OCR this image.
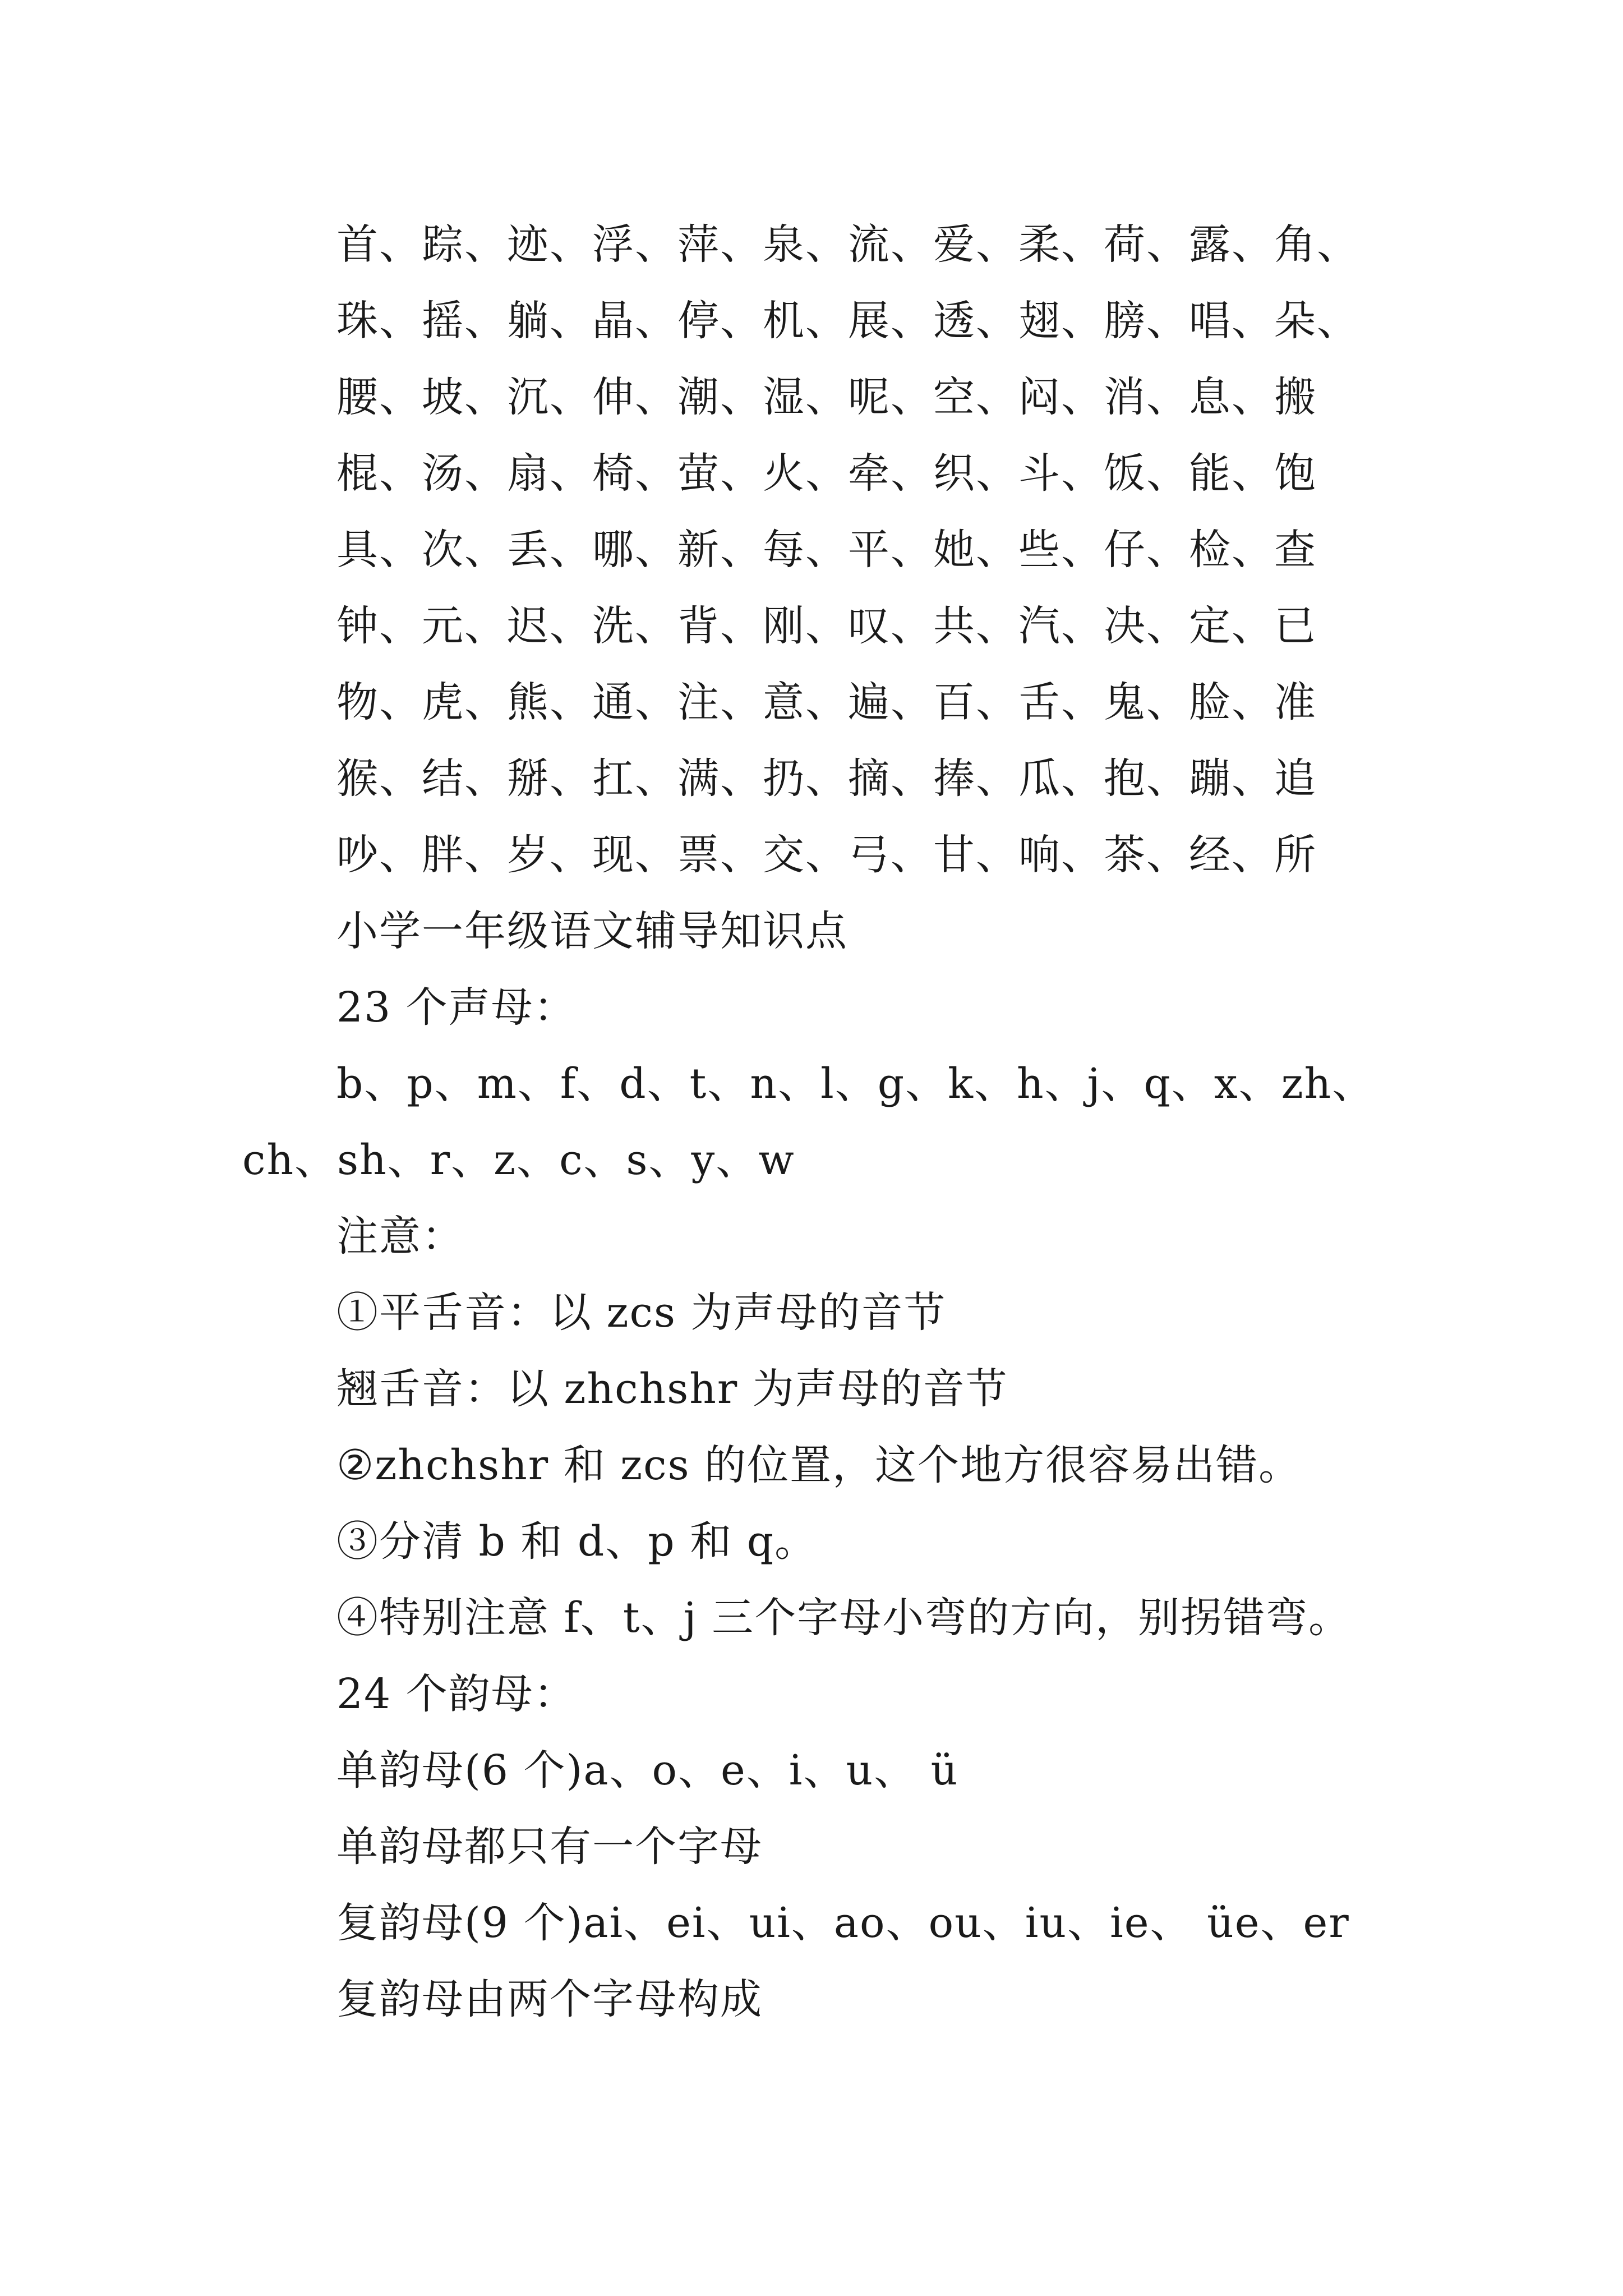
首、踪、迹、浮、萍、泉、流、爱、柔、荷、露、角、
珠、摇、躺、晶、停、机、展、透、翅、膀、唱、朵、
腰、坡、沉、伸、潮、湿、呢、空、闷、消、息、搬
棍、汤、扇、椅、萤、火、牵、织、斗、饭、能、饱
具、次、丢、哪、新、每、平、她、些、仔、检、查
钟、元、迟、洗、背、刚、叹、共、汽、决、定、已
物、虎、熊、通、注、意、遍、百、舌、鬼、脸、准
猴、结、掰、扛、满、扔、摘、捧、瓜、抱、蹦、追
吵、胖、岁、现、票、交、弓、甘、响、茶、经、所
小学一年级语文辅导知识点
23 个声母：
b、p、m、f、d、t、n、l、g、k、h、j、q、x、zh、
ch、sh、r、z、c、s、y、w
注意：
①平舌音：以 zcs 为声母的音节
翘舌音：以 zhchshr 为声母的音节
②zhchshr 和 zcs 的位置，这个地方很容易出错。
③分清 b 和 d、p 和 q。
④特别注意 f、t、j 三个字母小弯的方向，别拐错弯。
24 个韵母：
单韵母(6 个)a、o、e、i、u、 ü
单韵母都只有一个字母
复韵母(9 个)ai、ei、ui、ao、ou、iu、ie、 üe、er
复韵母由两个字母构成
